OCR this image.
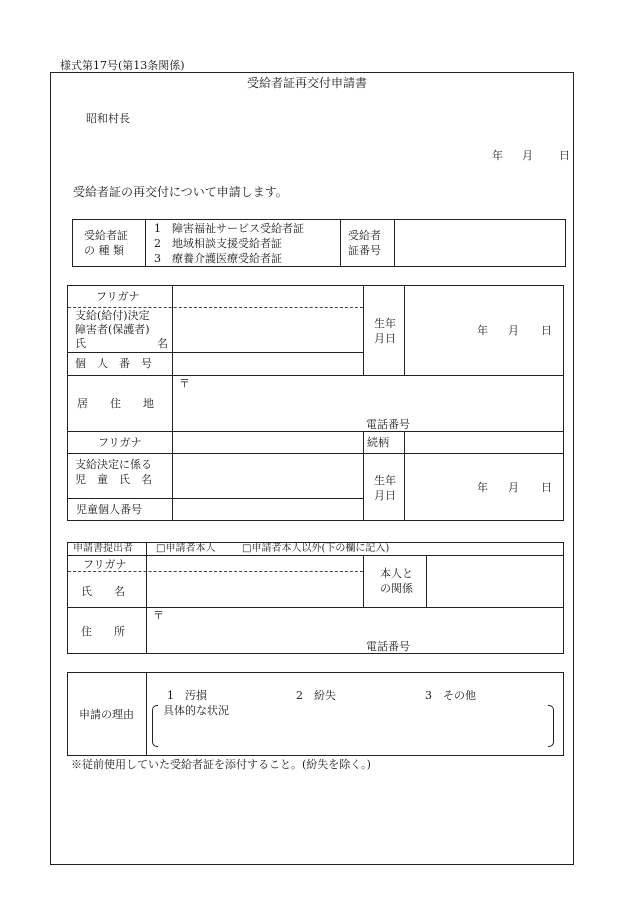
様式第17号(第13条関係)
受給者証再交付申請書
昭和村長
年 月 日
受給者証の再交付について申請します。
受給者証
の 種 類
1　障害福祉サービス受給者証
2　地域相談支援受給者証
3　療養介護医療受給者証
受給者
証番号
フリガナ
支給(給付)決定
障害者(保護者)
氏	名
生年
月日
年 月 日
個　人　番　号
居　　住　　地
〒
電話番号
フリガナ	続柄
支給決定に係る
児　童　氏　名	生年
月日
年 月 日
児童個人番号
申請書提出者 □申請者本人	□申請者本人以外(下の欄に記入)
フリガナ
氏　　名
本人と
の関係
住　　所
〒
電話番号
申請の理由
1　汚損	2　紛失	3　その他
具体的な状況
※従前使用していた受給者証を添付すること。(紛失を除く。)
